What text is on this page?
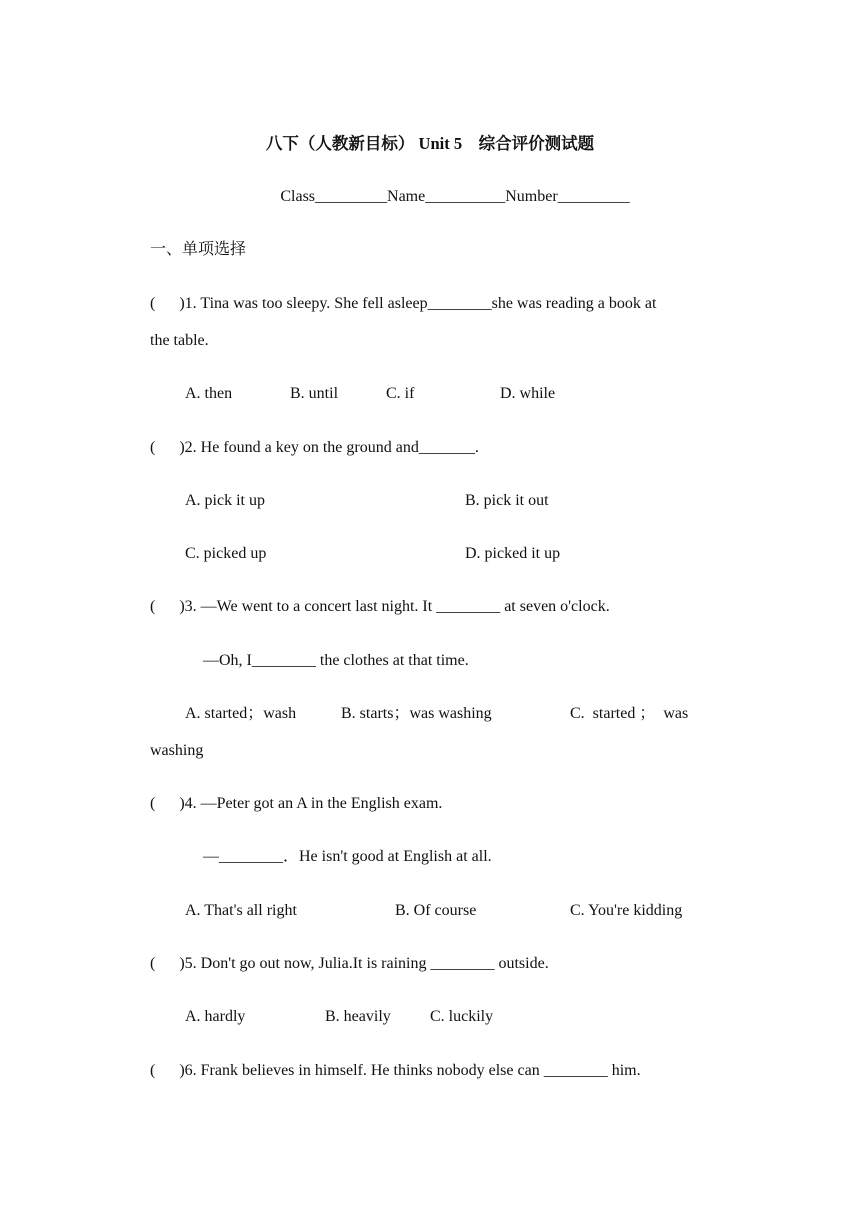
八下（人教新目标） Unit 5　综合评价测试题
Class_________Name__________Number_________
一、单项选择
(      )1. Tina was too sleepy. She fell asleep________she was reading a book at
the table.
A. then	B. until	C. if	D. while
(      )2. He found a key on the ground and_______.
A. pick it up	B. pick it out
C. picked up	D. picked it up
(      )3. —We went to a concert last night. It ________ at seven o'clock.
—Oh, I________ the clothes at that time.
A. started；wash	B. starts；was washing	C.  started ；  was
washing
(      )4. —Peter got an A in the English exam.
—________．He isn't good at English at all.
A. That's all right	B. Of course	C. You're kidding
(      )5. Don't go out now, Julia.It is raining ________ outside.
A. hardly	B. heavily C. luckily
(      )6. Frank believes in himself. He thinks nobody else can ________ him.
